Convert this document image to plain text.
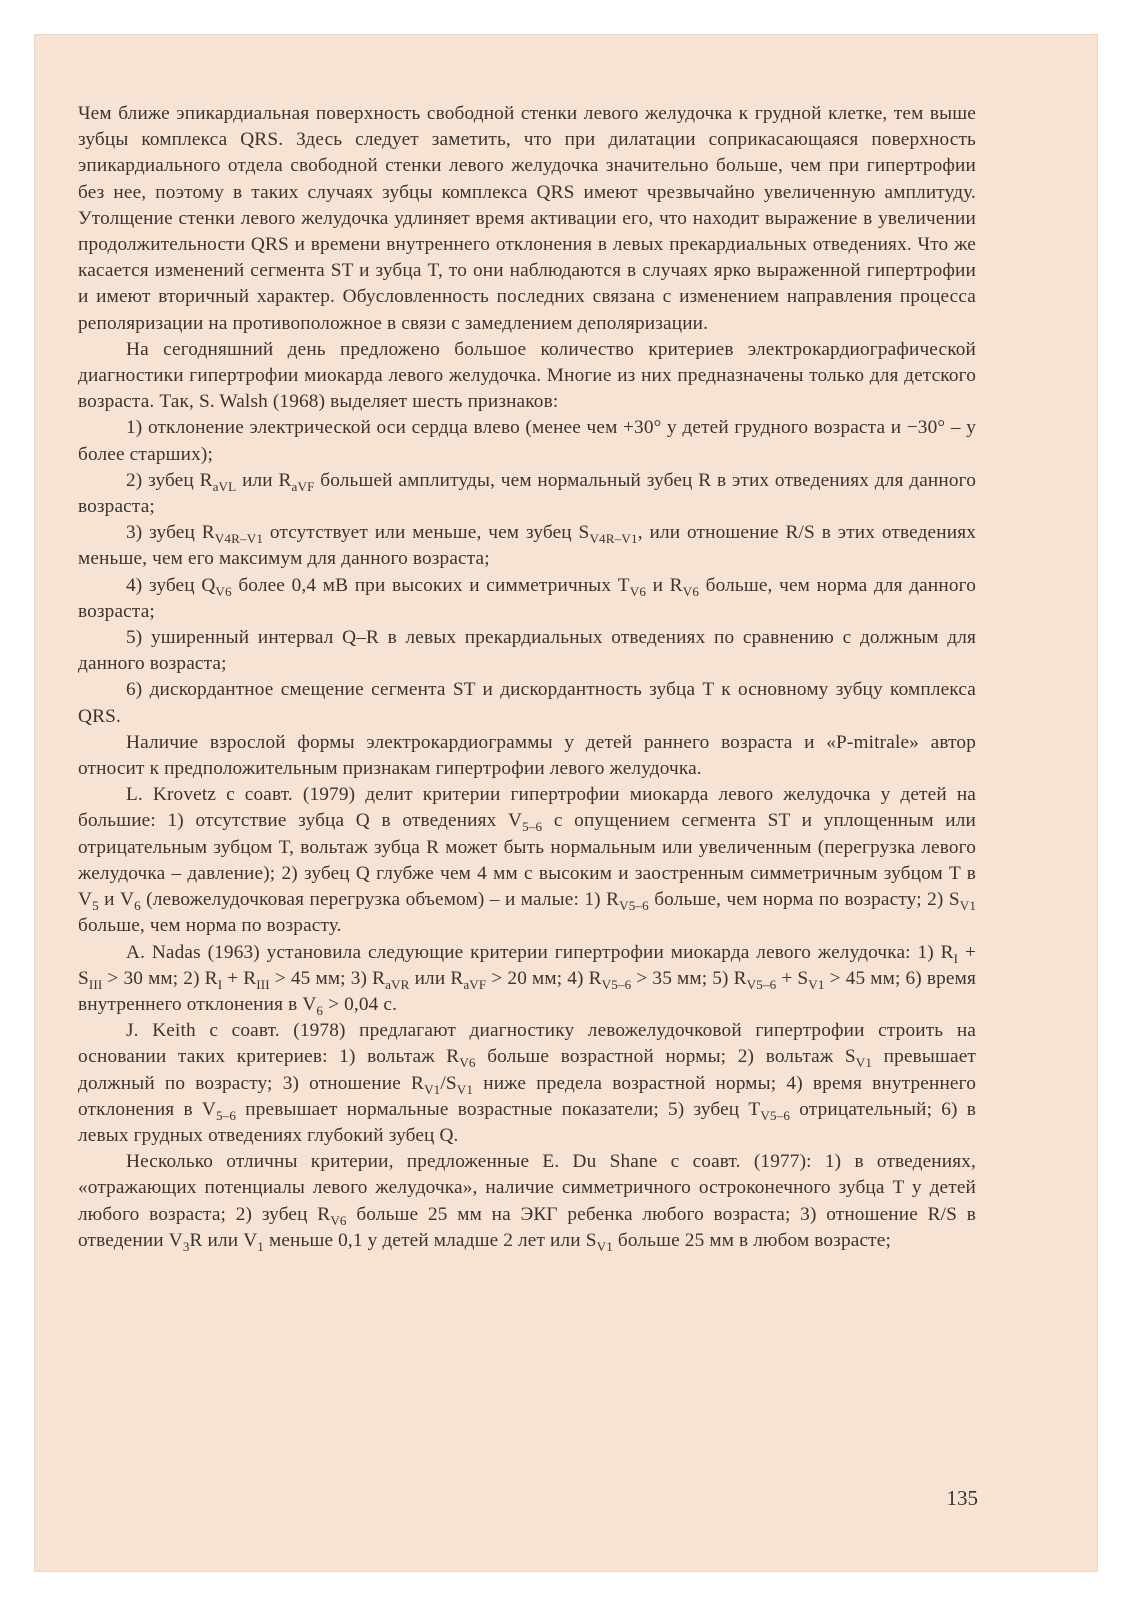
Чем ближе эпикардиальная поверхность свободной стенки левого желудочка к грудной клетке, тем выше зубцы комплекса QRS. Здесь следует заметить, что при дилатации соприкасающаяся поверхность эпикардиального отдела свободной стенки левого желудочка значительно больше, чем при гипертрофии без нее, поэтому в таких случаях зубцы комплекса QRS имеют чрезвычайно увеличенную амплитуду. Утолщение стенки левого желудочка удлиняет время активации его, что находит выражение в увеличении продолжительности QRS и времени внутреннего отклонения в левых прекардиальных отведениях. Что же касается изменений сегмента ST и зубца T, то они наблюдаются в случаях ярко выраженной гипертрофии и имеют вторичный характер. Обусловленность последних связана с изменением направления процесса реполяризации на противоположное в связи с замедлением деполяризации.

На сегодняшний день предложено большое количество критериев электрокардиографической диагностики гипертрофии миокарда левого желудочка. Многие из них предназначены только для детского возраста. Так, S. Walsh (1968) выделяет шесть признаков:

1) отклонение электрической оси сердца влево (менее чем +30° у детей грудного возраста и −30° – у более старших);

2) зубец $R_{aVL}$ или $R_{aVF}$ большей амплитуды, чем нормальный зубец R в этих отведениях для данного возраста;

3) зубец $R_{V4R-V1}$ отсутствует или меньше, чем зубец $S_{V4R-V1}$, или отношение R/S в этих отведениях меньше, чем его максимум для данного возраста;

4) зубец $Q_{V6}$ более 0,4 мВ при высоких и симметричных $T_{V6}$ и $R_{V6}$ больше, чем норма для данного возраста;

5) уширенный интервал Q–R в левых прекардиальных отведениях по сравнению с должным для данного возраста;

6) дискордантное смещение сегмента ST и дискордантность зубца T к основному зубцу комплекса QRS.

Наличие взрослой формы электрокардиограммы у детей раннего возраста и «P-mitrale» автор относит к предположительным признакам гипертрофии левого желудочка.

L. Krovetz с соавт. (1979) делит критерии гипертрофии миокарда левого желудочка у детей на большие: 1) отсутствие зубца Q в отведениях $V_{5-6}$ с опущением сегмента ST и уплощенным или отрицательным зубцом T, вольтаж зубца R может быть нормальным или увеличенным (перегрузка левого желудочка – давление); 2) зубец Q глубже чем 4 мм с высоким и заостренным симметричным зубцом T в $V_5$ и $V_6$ (левожелудочковая перегрузка объемом) – и малые: 1) $R_{V5-6}$ больше, чем норма по возрасту; 2) $S_{V1}$ больше, чем норма по возрасту.

A. Nadas (1963) установила следующие критерии гипертрофии миокарда левого желудочка: 1) $R_I + S_{III} > 30$ мм; 2) $R_I + R_{III} > 45$ мм; 3) $R_{aVR}$ или $R_{aVF} > 20$ мм; 4) $R_{V5-6} > 35$ мм; 5) $R_{V5-6} + S_{V1} > 45$ мм; 6) время внутреннего отклонения в $V_6 > 0,04$ с.

J. Keith с соавт. (1978) предлагают диагностику левожелудочковой гипертрофии строить на основании таких критериев: 1) вольтаж $R_{V6}$ больше возрастной нормы; 2) вольтаж $S_{V1}$ превышает должный по возрасту; 3) отношение $R_{V1}/S_{V1}$ ниже предела возрастной нормы; 4) время внутреннего отклонения в $V_{5-6}$ превышает нормальные возрастные показатели; 5) зубец $T_{V5-6}$ отрицательный; 6) в левых грудных отведениях глубокий зубец Q.

Несколько отличны критерии, предложенные E. Du Shane с соавт. (1977): 1) в отведениях, «отражающих потенциалы левого желудочка», наличие симметричного остроконечного зубца T у детей любого возраста; 2) зубец $R_{V6}$ больше 25 мм на ЭКГ ребенка любого возраста; 3) отношение R/S в отведении $V_3R$ или $V_1$ меньше 0,1 у детей младше 2 лет или $S_{V1}$ больше 25 мм в любом возрасте;

135
